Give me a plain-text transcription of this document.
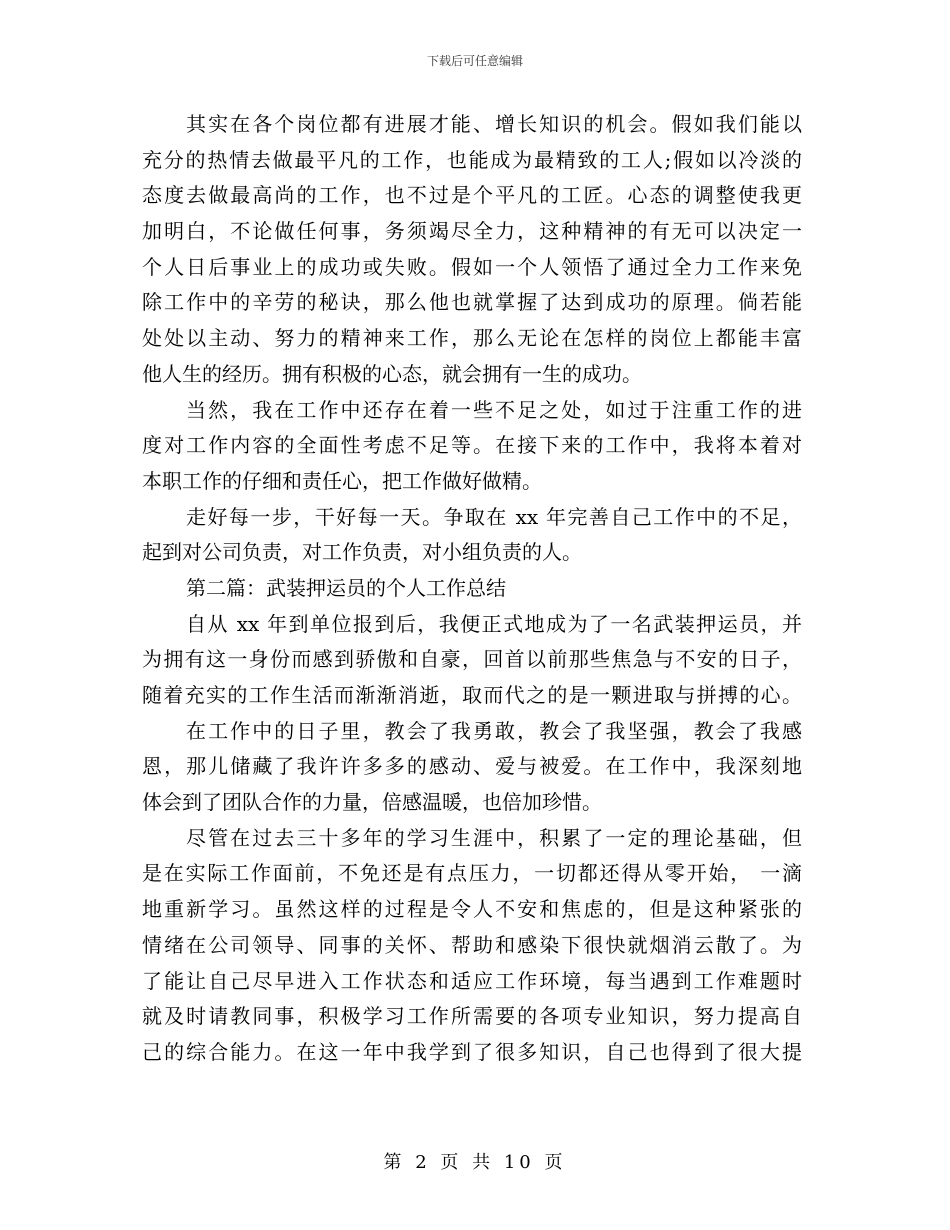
下载后可任意编辑
其实在各个岗位都有进展才能、增长知识的机会。假如我们能以
充分的热情去做最平凡的工作，也能成为最精致的工人;假如以冷淡的
态度去做最高尚的工作，也不过是个平凡的工匠。心态的调整使我更
加明白，不论做任何事，务须竭尽全力，这种精神的有无可以决定一
个人日后事业上的成功或失败。假如一个人领悟了通过全力工作来免
除工作中的辛劳的秘诀，那么他也就掌握了达到成功的原理。倘若能
处处以主动、努力的精神来工作，那么无论在怎样的岗位上都能丰富
他人生的经历。拥有积极的心态，就会拥有一生的成功。
当然，我在工作中还存在着一些不足之处，如过于注重工作的进
度对工作内容的全面性考虑不足等。在接下来的工作中，我将本着对
本职工作的仔细和责任心，把工作做好做精。
走好每一步，干好每一天。争取在 xx 年完善自己工作中的不足，
起到对公司负责，对工作负责，对小组负责的人。
第二篇：武装押运员的个人工作总结
自从 xx 年到单位报到后，我便正式地成为了一名武装押运员，并
为拥有这一身份而感到骄傲和自豪，回首以前那些焦急与不安的日子，
随着充实的工作生活而渐渐消逝，取而代之的是一颗进取与拼搏的心。
在工作中的日子里，教会了我勇敢，教会了我坚强，教会了我感
恩，那儿储藏了我许许多多的感动、爱与被爱。在工作中，我深刻地
体会到了团队合作的力量，倍感温暖，也倍加珍惜。
尽管在过去三十多年的学习生涯中，积累了一定的理论基础，但
是在实际工作面前，不免还是有点压力，一切都还得从零开始， 一滴
地重新学习。虽然这样的过程是令人不安和焦虑的，但是这种紧张的
情绪在公司领导、同事的关怀、帮助和感染下很快就烟消云散了。为
了能让自己尽早进入工作状态和适应工作环境，每当遇到工作难题时
就及时请教同事，积极学习工作所需要的各项专业知识，努力提高自
己的综合能力。在这一年中我学到了很多知识，自己也得到了很大提
第 2 页 共 10 页
